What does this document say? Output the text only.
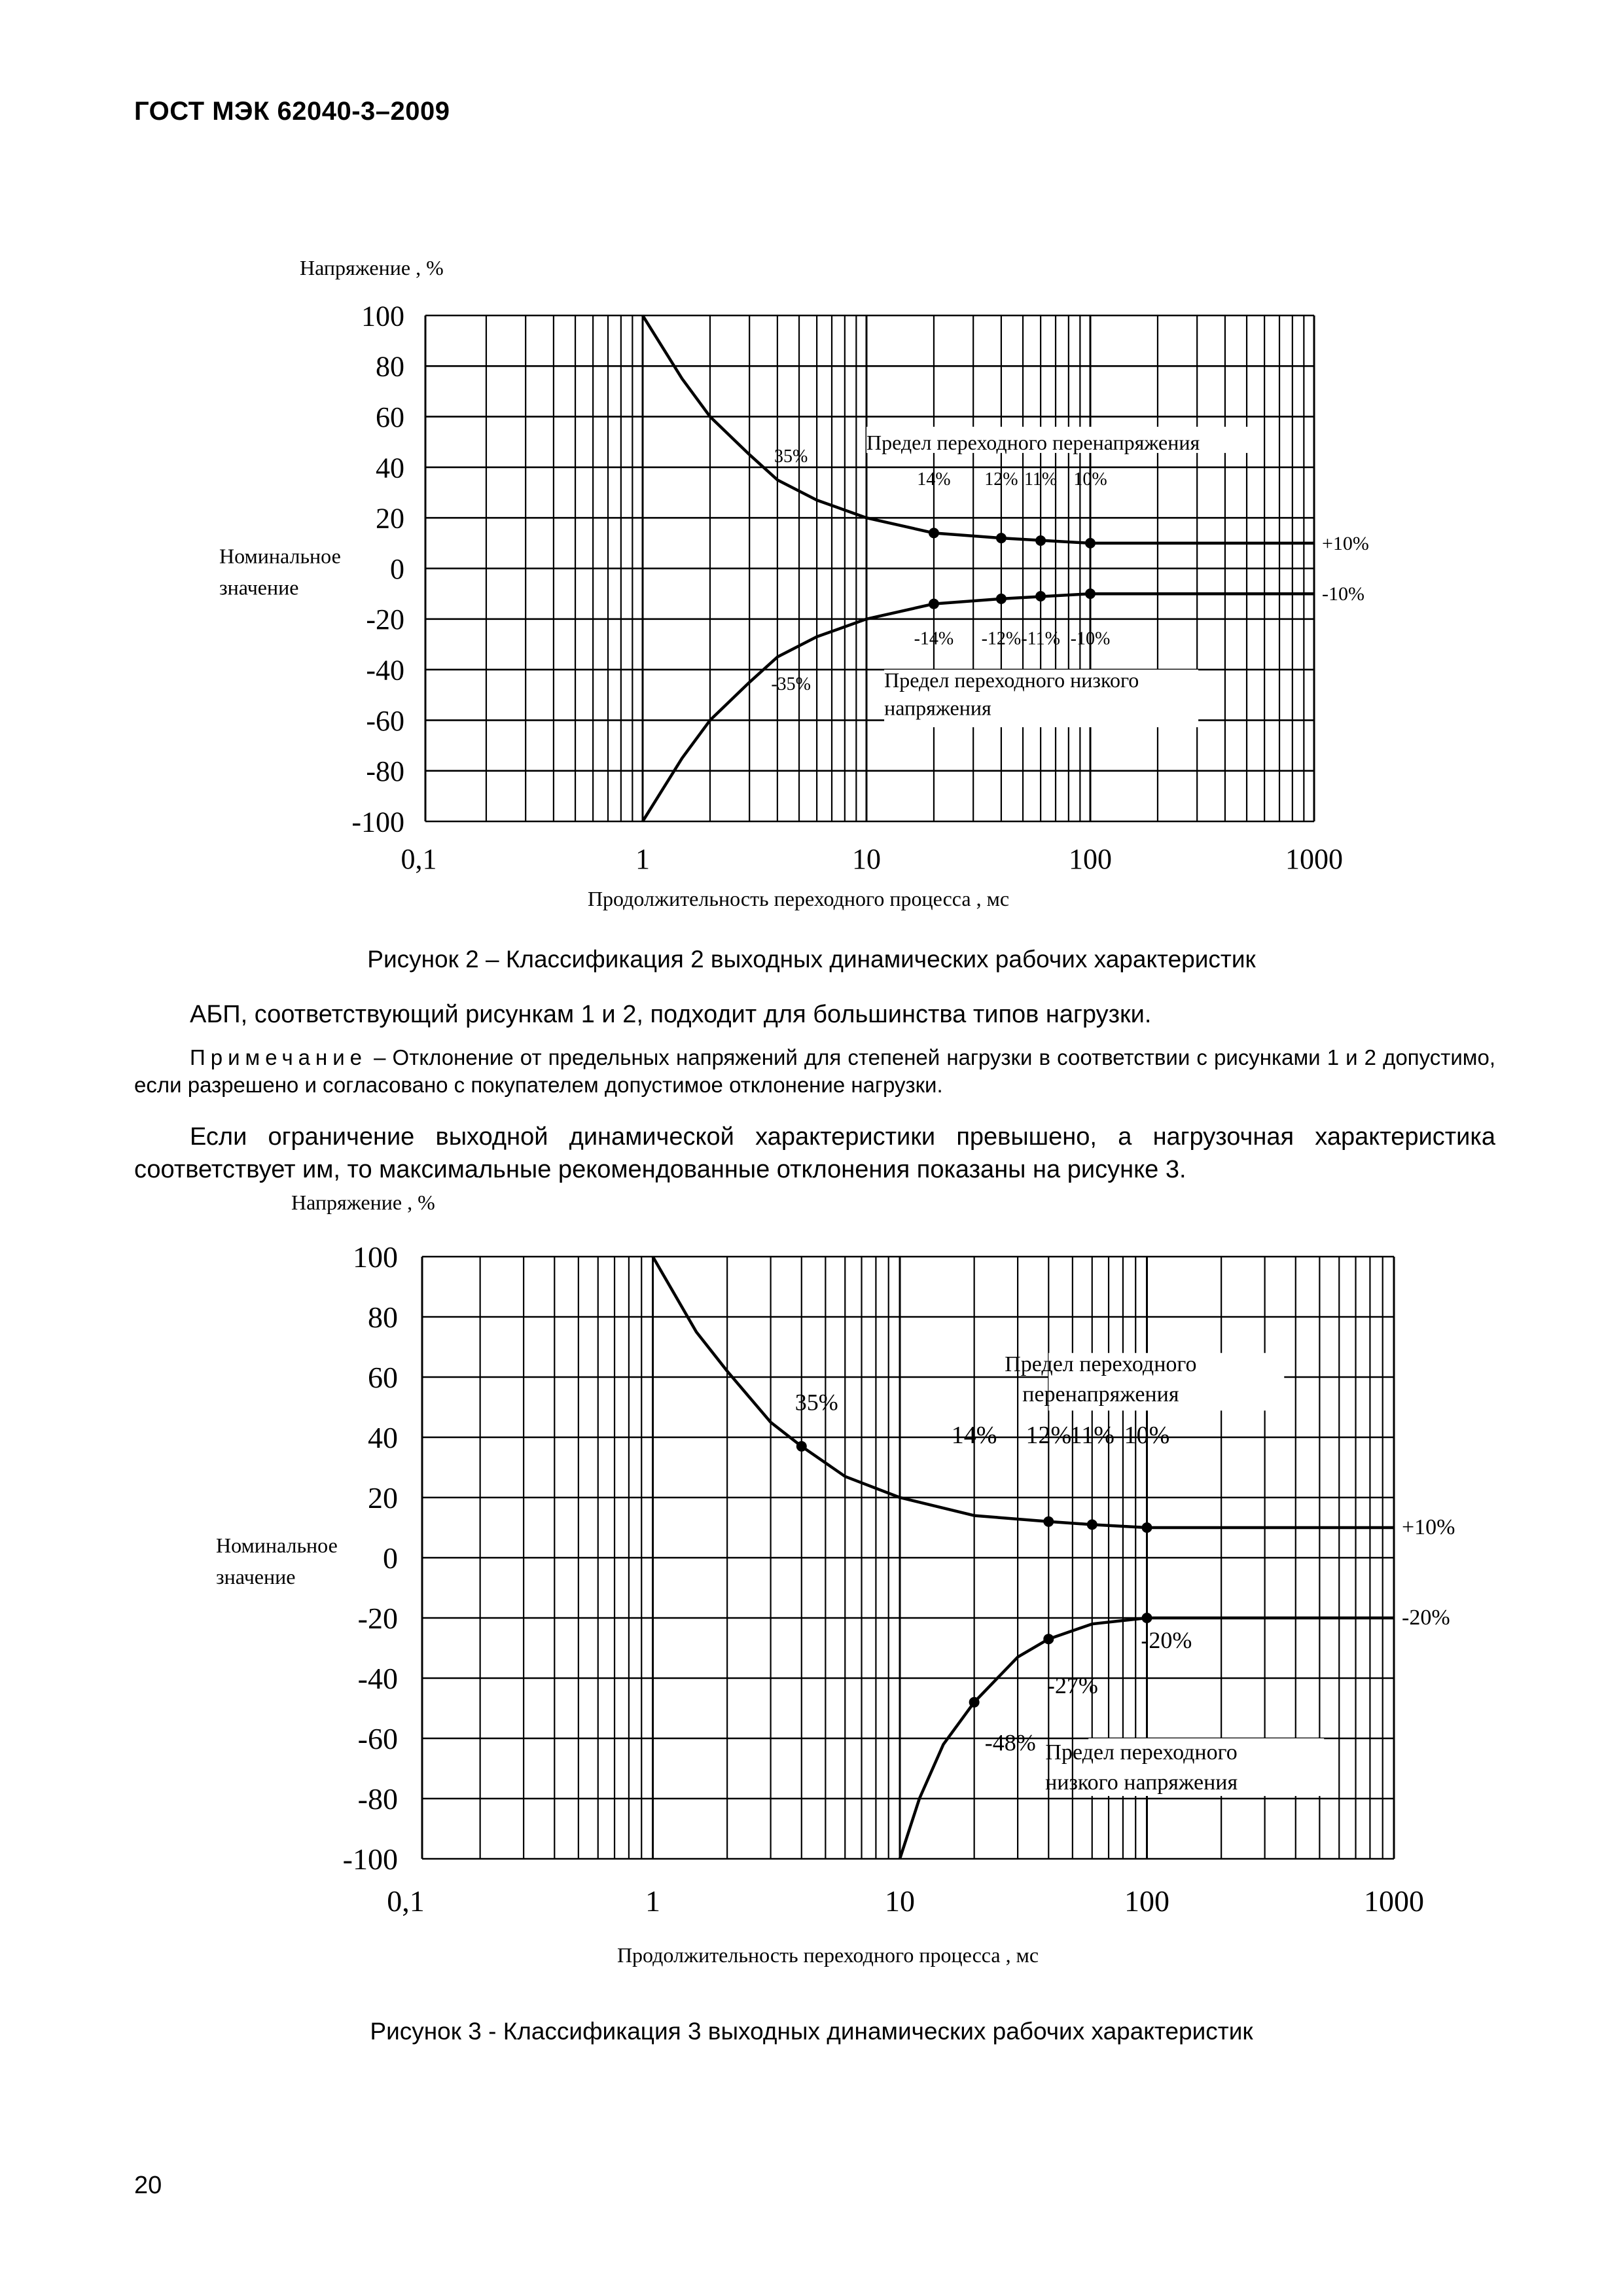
ГОСТ МЭК 62040-3–2009
100
80
60
40
20
0
-20
-40
-60
-80
-100
0,1	1	10	100	1000
Напряжение , %
Продолжительность переходного процесса , мс
Номинальное
значение
+10%
-10%
14% 12% 11% 10%
-14% -12% -11% -10%
35%
-35%
Предел переходного перенапряжения
Предел переходного низкого
напряжения
Рисунок 2 – Классификация 2 выходных динамических рабочих характеристик
АБП, соответствующий рисункам 1 и 2, подходит для большинства типов нагрузки.
Примечание – Отклонение от предельных напряжений для степеней нагрузки в соответствии с рисунками 1 и 2 допустимо, если разрешено и согласовано с покупателем допустимое отклонение нагрузки.
Если ограничение выходной динамической характеристики превышено, а нагрузочная характеристика соответствует им, то максимальные рекомендованные отклонения показаны на рисунке 3.
100
80
60
40
20
0
-20
-40
-60
-80
-100
0,1	1	10	100	1000
Напряжение , %
Продолжительность переходного процесса , мс
Номинальное
значение
+10%
-20%
12%
11% 10%
14%
35%
-20%
-27%
-48%
Предел переходного
перенапряжения
Предел переходного
низкого напряжения
Рисунок 3 - Классификация 3 выходных динамических рабочих характеристик
20
